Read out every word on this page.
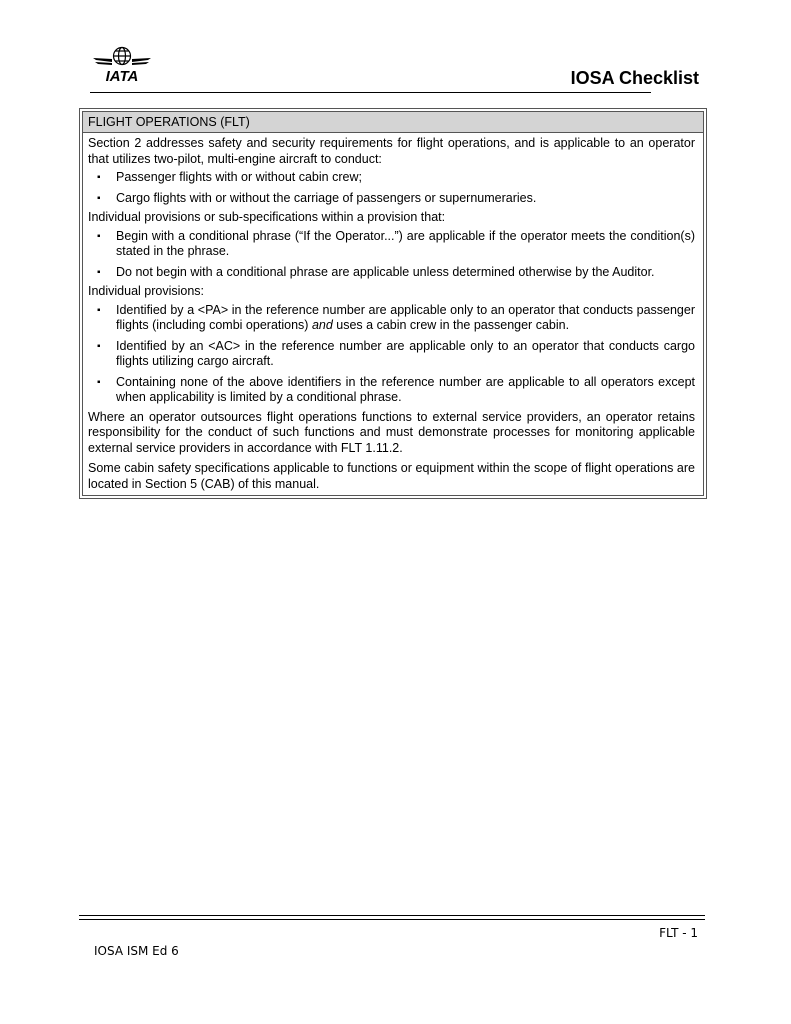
IATA	IOSA Checklist
FLIGHT OPERATIONS (FLT)

Section 2 addresses safety and security requirements for flight operations, and is applicable to an operator that utilizes two-pilot, multi-engine aircraft to conduct:

▪ Passenger flights with or without cabin crew;
▪ Cargo flights with or without the carriage of passengers or supernumeraries.

Individual provisions or sub-specifications within a provision that:

▪ Begin with a conditional phrase (“If the Operator...”) are applicable if the operator meets the condition(s) stated in the phrase.
▪ Do not begin with a conditional phrase are applicable unless determined otherwise by the Auditor.

Individual provisions:

▪ Identified by a <PA> in the reference number are applicable only to an operator that conducts passenger flights (including combi operations) and uses a cabin crew in the passenger cabin.
▪ Identified by an <AC> in the reference number are applicable only to an operator that conducts cargo flights utilizing cargo aircraft.
▪ Containing none of the above identifiers in the reference number are applicable to all operators except when applicability is limited by a conditional phrase.

Where an operator outsources flight operations functions to external service providers, an operator retains responsibility for the conduct of such functions and must demonstrate processes for monitoring applicable external service providers in accordance with FLT 1.11.2.

Some cabin safety specifications applicable to functions or equipment within the scope of flight operations are located in Section 5 (CAB) of this manual.

FLT - 1
IOSA ISM Ed 6
